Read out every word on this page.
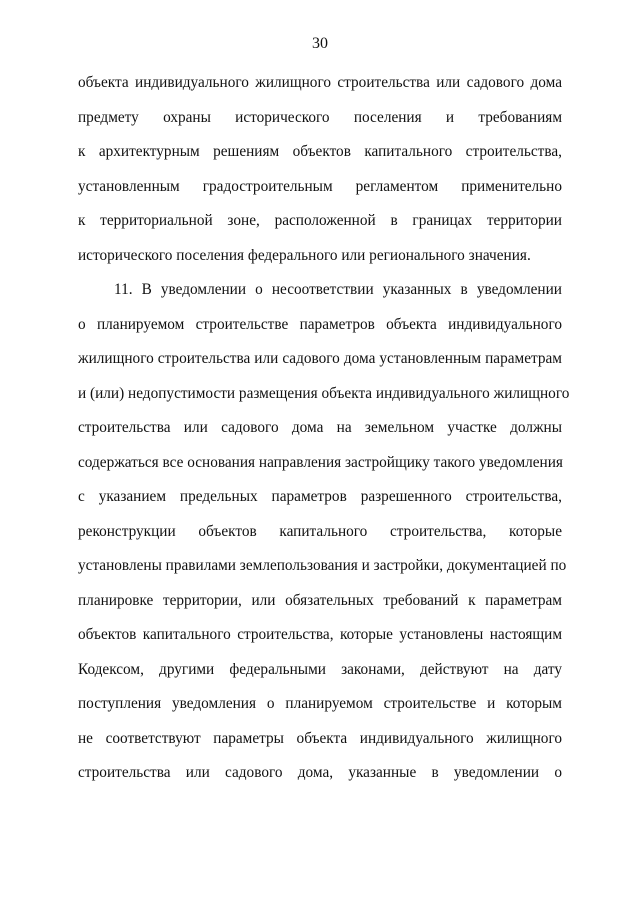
30
объекта индивидуального жилищного строительства или садового дома
предмету охраны исторического поселения и требованиям
к архитектурным решениям объектов капитального строительства,
установленным градостроительным регламентом применительно
к территориальной зоне, расположенной в границах территории
исторического поселения федерального или регионального значения.
11. В уведомлении о несоответствии указанных в уведомлении
о планируемом строительстве параметров объекта индивидуального
жилищного строительства или садового дома установленным параметрам
и (или) недопустимости размещения объекта индивидуального жилищного
строительства или садового дома на земельном участке должны
содержаться все основания направления застройщику такого уведомления
с указанием предельных параметров разрешенного строительства,
реконструкции объектов капитального строительства, которые
установлены правилами землепользования и застройки, документацией по
планировке территории, или обязательных требований к параметрам
объектов капитального строительства, которые установлены настоящим
Кодексом, другими федеральными законами, действуют на дату
поступления уведомления о планируемом строительстве и которым
не соответствуют параметры объекта индивидуального жилищного
строительства или садового дома, указанные в уведомлении о
